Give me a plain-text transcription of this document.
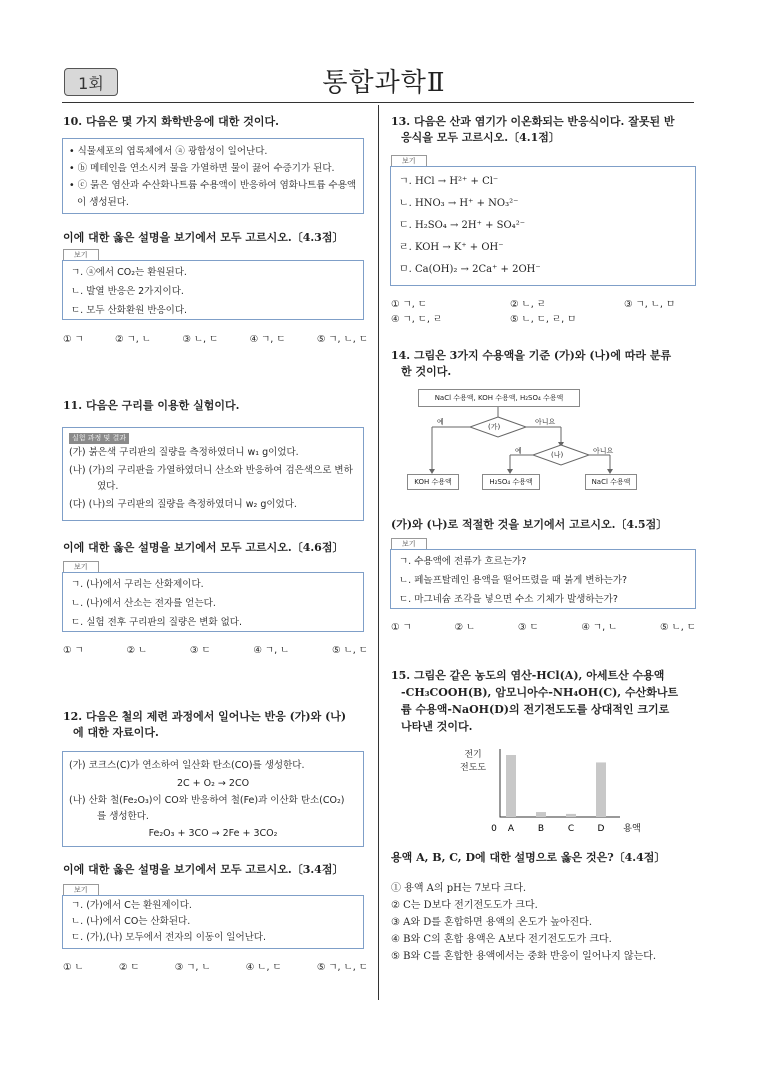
1회	통합과학Ⅱ
10. 다음은 몇 가지 화학반응에 대한 것이다.
• 식물세포의 엽록체에서 ⓐ 광합성이 일어난다.
• ⓑ 메테인을 연소시켜 물을 가열하면 물이 끓어 수증기가 된다.
• ⓒ 묽은 염산과 수산화나트륨 수용액이 반응하여 염화나트륨 수용액
이 생성된다.
이에 대한 옳은 설명을 보기에서 모두 고르시오.〔4.3점〕
보기
ㄱ. ⓐ에서 CO₂는 환원된다.
ㄴ. 발열 반응은 2가지이다.
ㄷ. 모두 산화환원 반응이다.
① ㄱ	② ㄱ, ㄴ	③ ㄴ, ㄷ	④ ㄱ, ㄷ	⑤ ㄱ, ㄴ, ㄷ
11. 다음은 구리를 이용한 실험이다.
실험 과정 및 결과
(가) 붉은색 구리판의 질량을 측정하였더니 w₁ g이었다.
(나) (가)의 구리판을 가열하였더니 산소와 반응하여 검은색으로 변하
였다.
(다) (나)의 구리판의 질량을 측정하였더니 w₂ g이었다.
이에 대한 옳은 설명을 보기에서 모두 고르시오.〔4.6점〕
보기
ㄱ. (나)에서 구리는 산화제이다.
ㄴ. (나)에서 산소는 전자를 얻는다.
ㄷ. 실험 전후 구리판의 질량은 변화 없다.
① ㄱ	② ㄴ	③ ㄷ	④ ㄱ, ㄴ	⑤ ㄴ, ㄷ
12. 다음은 철의 제련 과정에서 일어나는 반응 (가)와 (나)
에 대한 자료이다.
(가) 코크스(C)가 연소하여 일산화 탄소(CO)를 생성한다.
2C + O₂ → 2CO
(나) 산화 철(Fe₂O₃)이 CO와 반응하여 철(Fe)과 이산화 탄소(CO₂)
를 생성한다.
Fe₂O₃ + 3CO → 2Fe + 3CO₂
이에 대한 옳은 설명을 보기에서 모두 고르시오.〔3.4점〕
보기
ㄱ. (가)에서 C는 환원제이다.
ㄴ. (나)에서 CO는 산화된다.
ㄷ. (가),(나) 모두에서 전자의 이동이 일어난다.
① ㄴ	② ㄷ	③ ㄱ, ㄴ	④ ㄴ, ㄷ	⑤ ㄱ, ㄴ, ㄷ
13. 다음은 산과 염기가 이온화되는 반응식이다. 잘못된 반
응식을 모두 고르시오.〔4.1점〕
보기
ㄱ. HCl → H²⁺ + Cl⁻
ㄴ. HNO₃ → H⁺ + NO₃²⁻
ㄷ. H₂SO₄ → 2H⁺ + SO₄²⁻
ㄹ. KOH → K⁺ + OH⁻
ㅁ. Ca(OH)₂ → 2Ca⁺ + 2OH⁻
① ㄱ, ㄷ	② ㄴ, ㄹ	③ ㄱ, ㄴ, ㅁ
④ ㄱ, ㄷ, ㄹ	⑤ ㄴ, ㄷ, ㄹ, ㅁ
14. 그림은 3가지 수용액을 기준 (가)와 (나)에 따라 분류
한 것이다.
NaCl 수용액, KOH 수용액, H₂SO₄ 수용액
(가)
(나)
예	아니요
예	아니요
KOH 수용액	H₂SO₄ 수용액	NaCl 수용액
(가)와 (나)로 적절한 것을 보기에서 고르시오.〔4.5점〕
보기
ㄱ. 수용액에 전류가 흐르는가?
ㄴ. 페놀프탈레인 용액을 떨어뜨렸을 때 붉게 변하는가?
ㄷ. 마그네슘 조각을 넣으면 수소 기체가 발생하는가?
① ㄱ	② ㄴ	③ ㄷ	④ ㄱ, ㄴ	⑤ ㄴ, ㄷ
15. 그림은 같은 농도의 염산-HCl(A), 아세트산 수용액
-CH₃COOH(B), 암모니아수-NH₄OH(C), 수산화나트
륨 수용액-NaOH(D)의 전기전도도를 상대적인 크기로
나타낸 것이다.
전기
전도도
A	B	C	D
0	용액
용액 A, B, C, D에 대한 설명으로 옳은 것은?〔4.4점〕
① 용액 A의 pH는 7보다 크다.
② C는 D보다 전기전도도가 크다.
③ A와 D를 혼합하면 용액의 온도가 높아진다.
④ B와 C의 혼합 용액은 A보다 전기전도도가 크다.
⑤ B와 C를 혼합한 용액에서는 중화 반응이 일어나지 않는다.
